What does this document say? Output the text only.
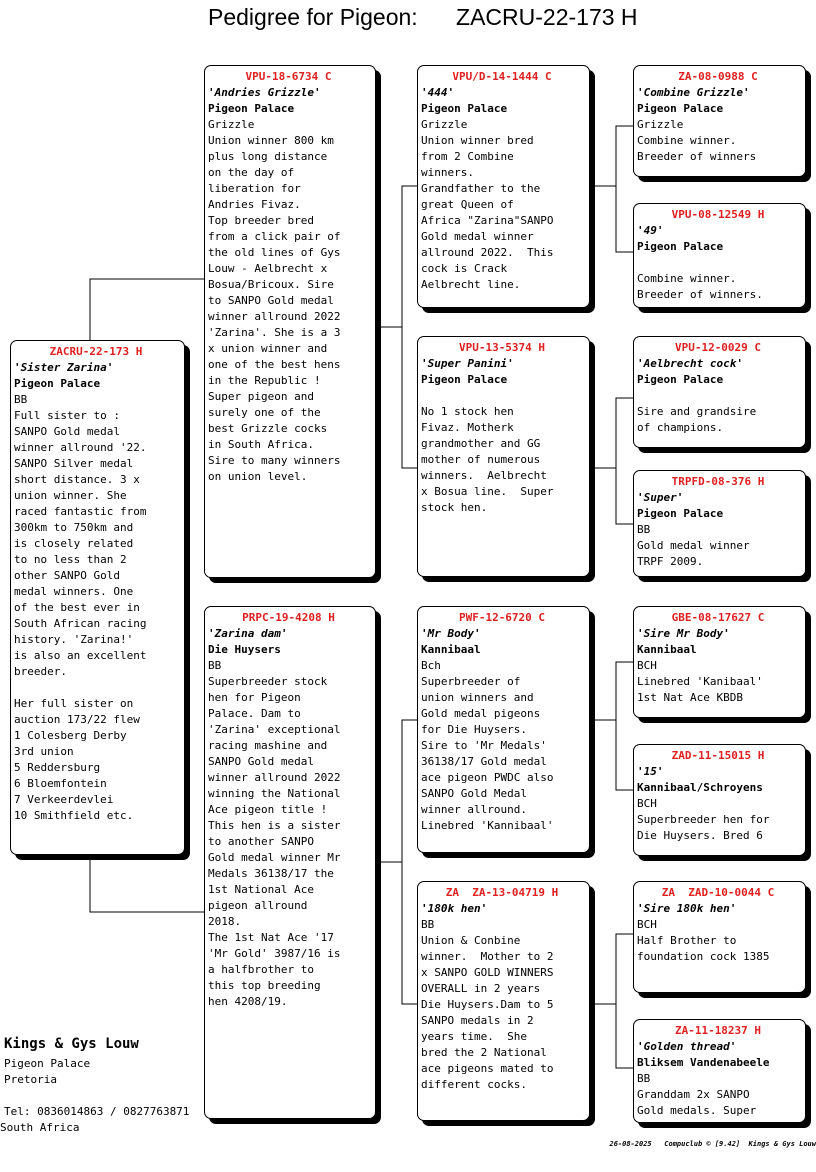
Pedigree for Pigeon:      ZACRU-22-173 H
ZACRU-22-173 H
'Sister Zarina'
Pigeon Palace
BB
Full sister to :
SANPO Gold medal
winner allround '22.
SANPO Silver medal
short distance. 3 x
union winner. She
raced fantastic from
300km to 750km and
is closely related
to no less than 2
other SANPO Gold
medal winners. One
of the best ever in
South African racing
history. 'Zarina!'
is also an excellent
breeder.

Her full sister on
auction 173/22 flew
1 Colesberg Derby
3rd union
5 Reddersburg
6 Bloemfontein
7 Verkeerdevlei
10 Smithfield etc.
VPU-18-6734 C
'Andries Grizzle'
Pigeon Palace
Grizzle
Union winner 800 km
plus long distance
on the day of
liberation for
Andries Fivaz.
Top breeder bred
from a click pair of
the old lines of Gys
Louw - Aelbrecht x
Bosua/Bricoux. Sire
to SANPO Gold medal
winner allround 2022
'Zarina'. She is a 3
x union winner and
one of the best hens
in the Republic !
Super pigeon and
surely one of the
best Grizzle cocks
in South Africa.
Sire to many winners
on union level.
PRPC-19-4208 H
'Zarina dam'
Die Huysers
BB
Superbreeder stock
hen for Pigeon
Palace. Dam to
'Zarina' exceptional
racing mashine and
SANPO Gold medal
winner allround 2022
winning the National
Ace pigeon title !
This hen is a sister
to another SANPO
Gold medal winner Mr
Medals 36138/17 the
1st National Ace
pigeon allround
2018.
The 1st Nat Ace '17
'Mr Gold' 3987/16 is
a halfbrother to
this top breeding
hen 4208/19.
VPU/D-14-1444 C
'444'
Pigeon Palace
Grizzle
Union winner bred
from 2 Combine
winners.
Grandfather to the
great Queen of
Africa "Zarina"SANPO
Gold medal winner
allround 2022.  This
cock is Crack
Aelbrecht line.
VPU-13-5374 H
'Super Panini'
Pigeon Palace
No 1 stock hen
Fivaz. Motherk
grandmother and GG
mother of numerous
winners.  Aelbrecht
x Bosua line.  Super
stock hen.
PWF-12-6720 C
'Mr Body'
Kannibaal
Bch
Superbreeder of
union winners and
Gold medal pigeons
for Die Huysers.
Sire to 'Mr Medals'
36138/17 Gold medal
ace pigeon PWDC also
SANPO Gold Medal
winner allround.
Linebred 'Kannibaal'
ZA  ZA-13-04719 H
'180k hen'
BB
Union & Conbine
winner.  Mother to 2
x SANPO GOLD WINNERS
OVERALL in 2 years
Die Huysers.Dam to 5
SANPO medals in 2
years time.  She
bred the 2 National
ace pigeons mated to
different cocks.
ZA-08-0988 C
'Combine Grizzle'
Pigeon Palace
Grizzle
Combine winner.
Breeder of winners
VPU-08-12549 H
'49'
Pigeon Palace
Combine winner.
Breeder of winners.
VPU-12-0029 C
'Aelbrecht cock'
Pigeon Palace
Sire and grandsire
of champions.
TRPFD-08-376 H
'Super'
Pigeon Palace
BB
Gold medal winner
TRPF 2009.
GBE-08-17627 C
'Sire Mr Body'
Kannibaal
BCH
Linebred 'Kanibaal'
1st Nat Ace KBDB
ZAD-11-15015 H
'15'
Kannibaal/Schroyens
BCH
Superbreeder hen for
Die Huysers. Bred 6
ZA  ZAD-10-0044 C
'Sire 180k hen'
BCH
Half Brother to
foundation cock 1385
ZA-11-18237 H
'Golden thread'
Bliksem Vandenabeele
BB
Granddam 2x SANPO
Gold medals. Super
Kings & Gys Louw
Pigeon Palace
Pretoria
Tel: 0836014863 / 0827763871
South Africa
26-08-2025   Compuclub © [9.42]  Kings & Gys Louw
